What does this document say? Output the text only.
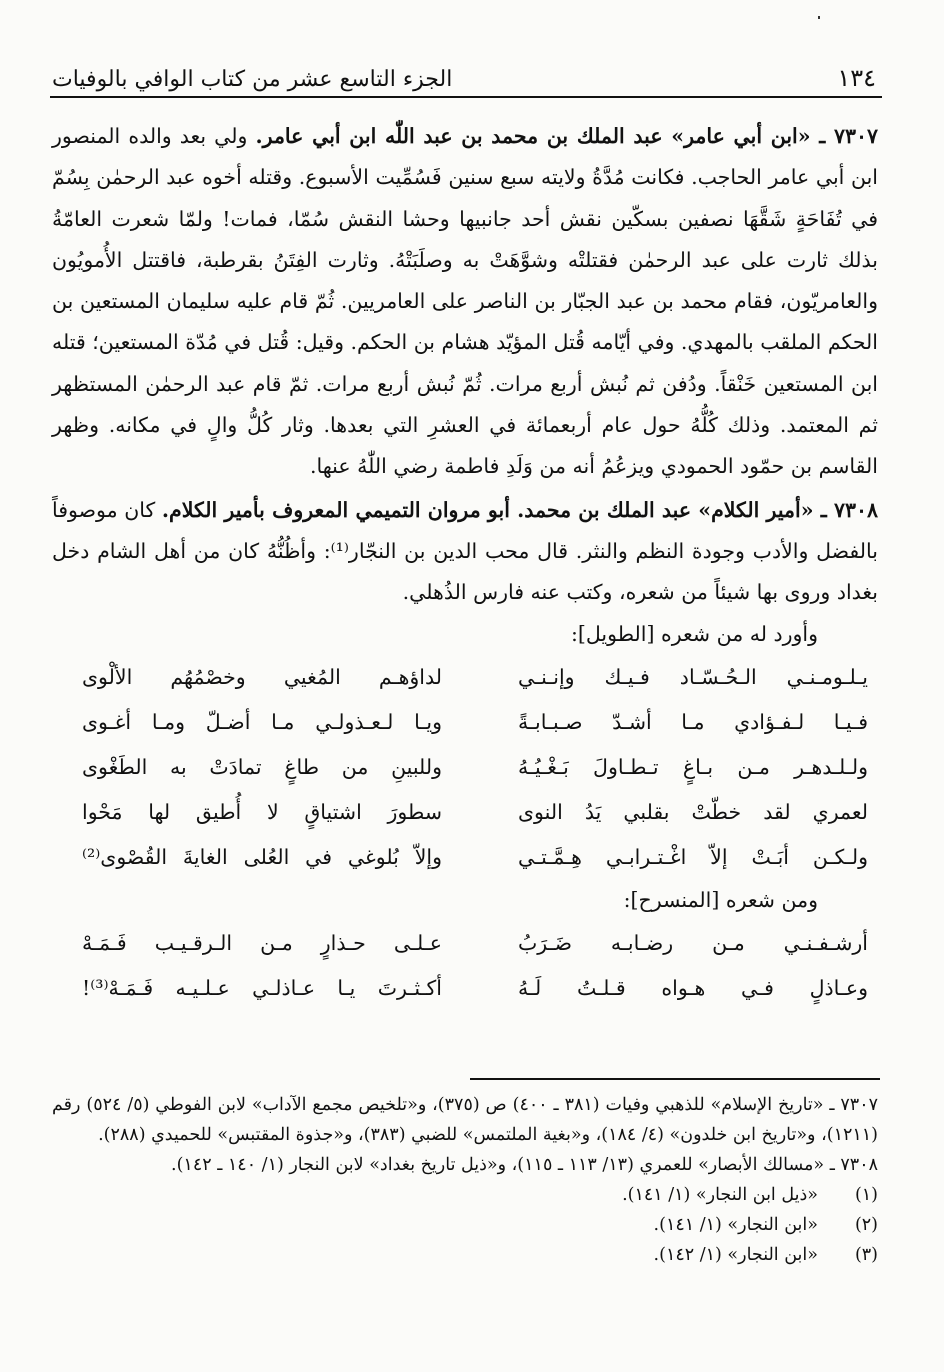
١٣٤
الجزء التاسع عشر من كتاب الوافي بالوفيات

٧٣٠٧ ـ «ابن أبي عامر» عبد الملك بن محمد بن عبد اللّٰه ابن أبي عامر. ولي بعد والده المنصور ابن أبي عامر الحاجب. فكانت مُدَّةُ ولايته سبع سنين فَسُمِّيت الأسبوع. وقتله أخوه عبد الرحمٰن بِسُمّ في تُفَاحَةٍ شَقَّهَا نصفين بسكّين نقش أحد جانبيها وحشا النقش سُمّا، فمات! ولمّا شعرت العامّةُ بذلك ثارت على عبد الرحمٰن فقتلتْه وشوَّهَتْ به وصلَبَتْهُ. وثارت الفِتَنُ بقرطبة، فاقتتل الأُمويُون والعامريّون، فقام محمد بن عبد الجبّار بن الناصر على العامريين. ثُمّ قام عليه سليمان المستعين بن الحكم الملقب بالمهدي. وفي أيّامه قُتل المؤيّد هشام بن الحكم. وقيل: قُتل في مُدّة المستعين؛ قتله ابن المستعين خَنْقاً. ودُفن ثم نُبش أربع مرات. ثُمّ نُبش أربع مرات. ثمّ قام عبد الرحمٰن المستظهر ثم المعتمد. وذلك كُلُّهُ حول عام أربعمائة في العشرِ التي بعدها. وثار كُلُّ والٍ في مكانه. وظهر القاسم بن حمّود الحمودي ويزعُمُ أنه من وَلَدِ فاطمة رضي اللّٰهُ عنها.

٧٣٠٨ ـ «أمير الكلام» عبد الملك بن محمد. أبو مروان التميمي المعروف بأمير الكلام. كان موصوفاً بالفضل والأدب وجودة النظم والنثر. قال محب الدين بن النجّار⁽¹⁾: وأظُنُّهُ كان من أهل الشام دخل بغداد وروى بها شيئاً من شعره، وكتب عنه فارس الذُهلي.

وأورد له من شعره [الطويل]:

يـلـومـنـي الـحُـسّـاد فـيـك وإنـنـي
لداؤهـم المُغيي وخصْمُهُم الألْوى
فـيـا لـفـؤادي مـا أشـدّ صـبـابـةً
ويـا لـعـذولـي مـا أضـلّ ومـا أغـوى
ولـلـدهـر مـن بـاغٍ تـطـاولَ بَـغْـيُـهُ
وللبينِ من طاغٍ تمادَتْ به الطَغْوى
لعمري لقد خطّتْ بقلبي يَدُ النوى
سطورَ اشتياقٍ لا أُطيق لها مَحْوا
ولـكـن أبَـتْ إلاّ اغْـتـرابـي هِـمَّـتـي
وإلاّ بُلوغي في العُلى الغايةَ القُصْوى⁽²⁾

ومن شعره [المنسرح]:

أرشـفـنـي مـن رضـابـه ضَـرَبُ
عـلـى حـذارٍ مـن الـرقـيـب فَـمَـهْ
وعـاذلٍ فـي هـواه قـلـتُ لَـهُ
أكـثـرتَ يـا عـاذلـي عـلـيـه فَـمَـهْ⁽³⁾!

٧٣٠٧ ـ «تاريخ الإسلام» للذهبي وفيات (٣٨١ ـ ٤٠٠) ص (٣٧٥)، و«تلخيص مجمع الآداب» لابن الفوطي (٥/ ٥٢٤) رقم (١٢١١)، و«تاريخ ابن خلدون» (٤/ ١٨٤)، و«بغية الملتمس» للضبي (٣٨٣)، و«جذوة المقتبس» للحميدي (٢٨٨).

٧٣٠٨ ـ «مسالك الأبصار» للعمري (١٣/ ١١٣ ـ ١١٥)، و«ذيل تاريخ بغداد» لابن النجار (١/ ١٤٠ ـ ١٤٢).

(١)
«ذيل ابن النجار» (١/ ١٤١).
(٢)
«ابن النجار» (١/ ١٤١).
(٣)
«ابن النجار» (١/ ١٤٢).
